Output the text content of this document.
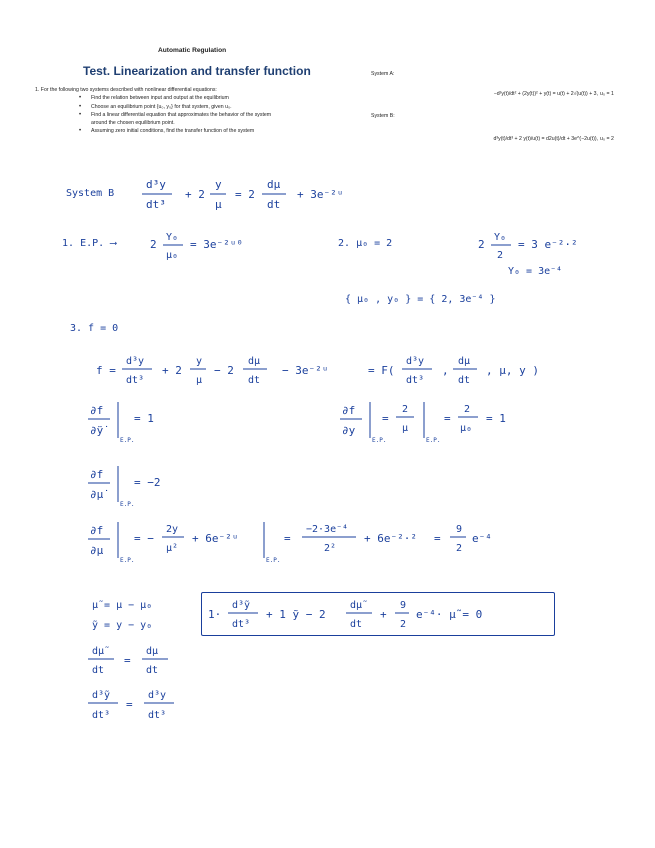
Automatic Regulation
Test. Linearization and transfer function
1. For the following two systems described with nonlinear differential equations:
• Find the relation between input and output at the equilibrium
• Choose an equilibrium point {u₀, y₀} for that system, given u₀.
• Find a linear differential equation that approximates the behavior of the system
around the chosen equilibrium point.
• Assuming zero initial conditions, find the transfer function of the system
System A:
−d²y(t)/dt² + (2y(t))² + y(t) = u(t) + 2√(u(t)) + 3, u₀ = 1
System B:
d³y(t)/dt³ + 2 y(t)/u(t) = d2u(t)/dt + 3e^(−2u(t)), u₀ = 2
System B
d³y
dt³
+ 2
y
μ
= 2
dμ
dt
+ 3e⁻²ᵘ
1. E.P. ⟶	2
Y₀
μ₀
= 3e⁻²ᵘ⁰	2. μ₀ = 2	2
Y₀
2
= 3 e⁻²·²
Y₀ = 3e⁻⁴
{ μ₀ , y₀ } = { 2, 3e⁻⁴ }
3. f = 0
f =
d³y
dt³
+ 2
y
μ
− 2
dμ
dt
− 3e⁻²ᵘ	= F(
d³y
dt³
,
dμ
dt
, μ, y )
∂f
∂ÿ̇
E.P.
= 1
∂f
∂y
E.P.
=
2
μ
E.P.
=
2
μ₀
= 1
∂f
∂μ̇
E.P.
= −2
∂f
∂μ
E.P.
= −
2y
μ²
+ 6e⁻²ᵘ
E.P.
=
−2·3e⁻⁴
2²
+ 6e⁻²·² =
9
2
e⁻⁴
μ̃ = μ − μ₀
ỹ = y − y₀
dμ̃
dt
=
dμ
dt
d³ỹ
dt³
=
d³y
dt³
1·
d³ỹ
dt³
+ 1 ỹ − 2
dμ̃
dt
+
9
2
e⁻⁴· μ̃ = 0
